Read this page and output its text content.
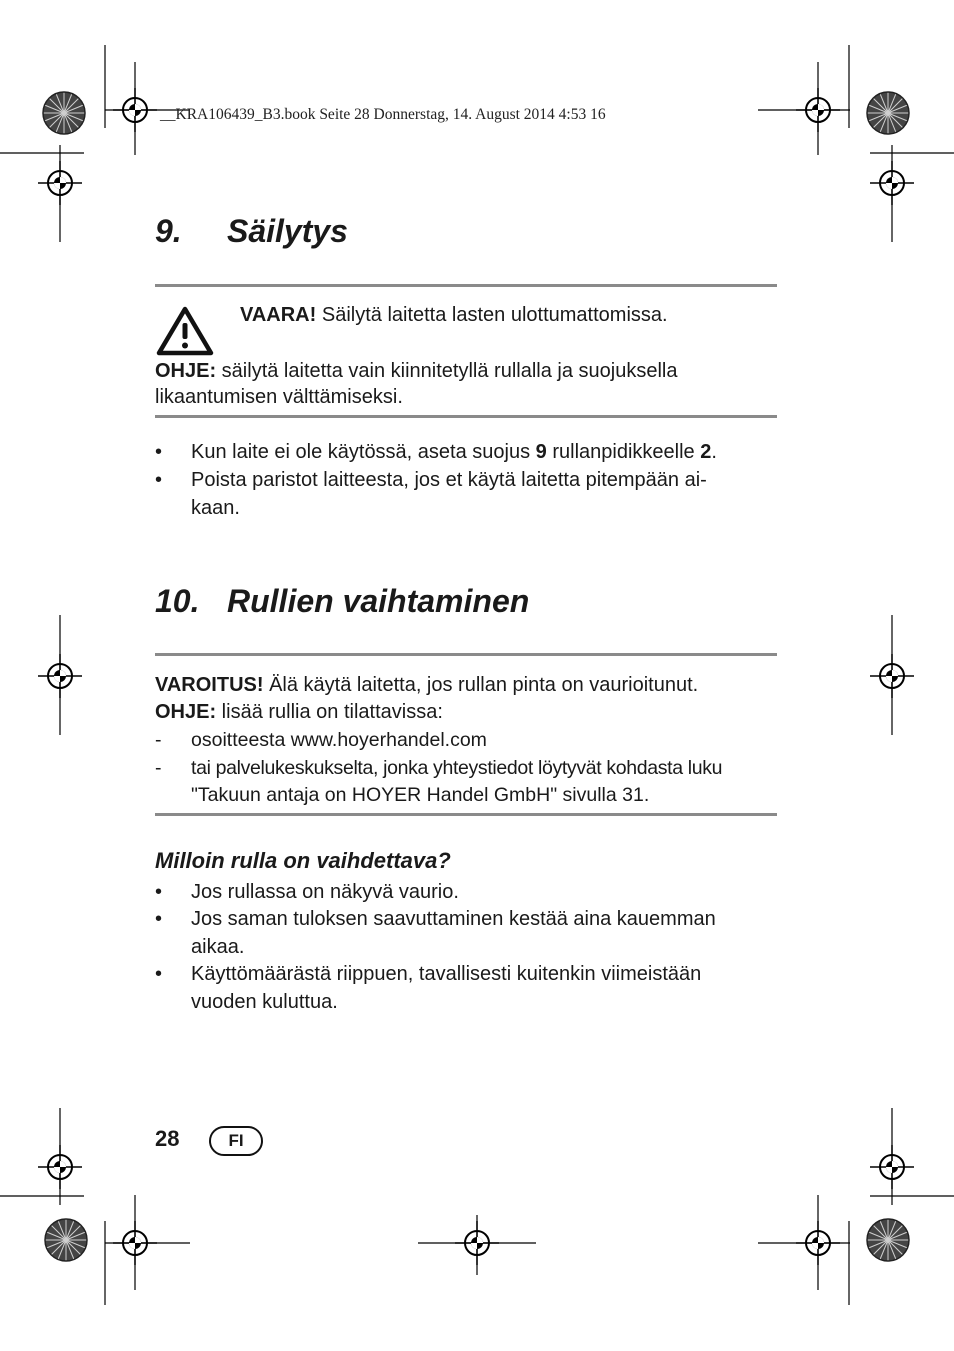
__KRA106439_B3.book Seite 28 Donnerstag, 14. August 2014 4:53 16
9. Säilytys
VAARA! Säilytä laitetta lasten ulottumattomissa.
OHJE: säilytä laitetta vain kiinnitetyllä rullalla ja suojuksella
likaantumisen välttämiseksi.
• Kun laite ei ole käytössä, aseta suojus 9 rullanpidikkeelle 2.
• Poista paristot laitteesta, jos et käytä laitetta pitempään ai-
kaan.
10. Rullien vaihtaminen
VAROITUS! Älä käytä laitetta, jos rullan pinta on vaurioitunut.
OHJE: lisää rullia on tilattavissa:
- osoitteesta www.hoyerhandel.com
- tai palvelukeskukselta, jonka yhteystiedot löytyvät kohdasta luku
"Takuun antaja on HOYER Handel GmbH" sivulla 31.
Milloin rulla on vaihdettava?
• Jos rullassa on näkyvä vaurio.
• Jos saman tuloksen saavuttaminen kestää aina kauemman
aikaa.
• Käyttömäärästä riippuen, tavallisesti kuitenkin viimeistään
vuoden kuluttua.
28	FI
